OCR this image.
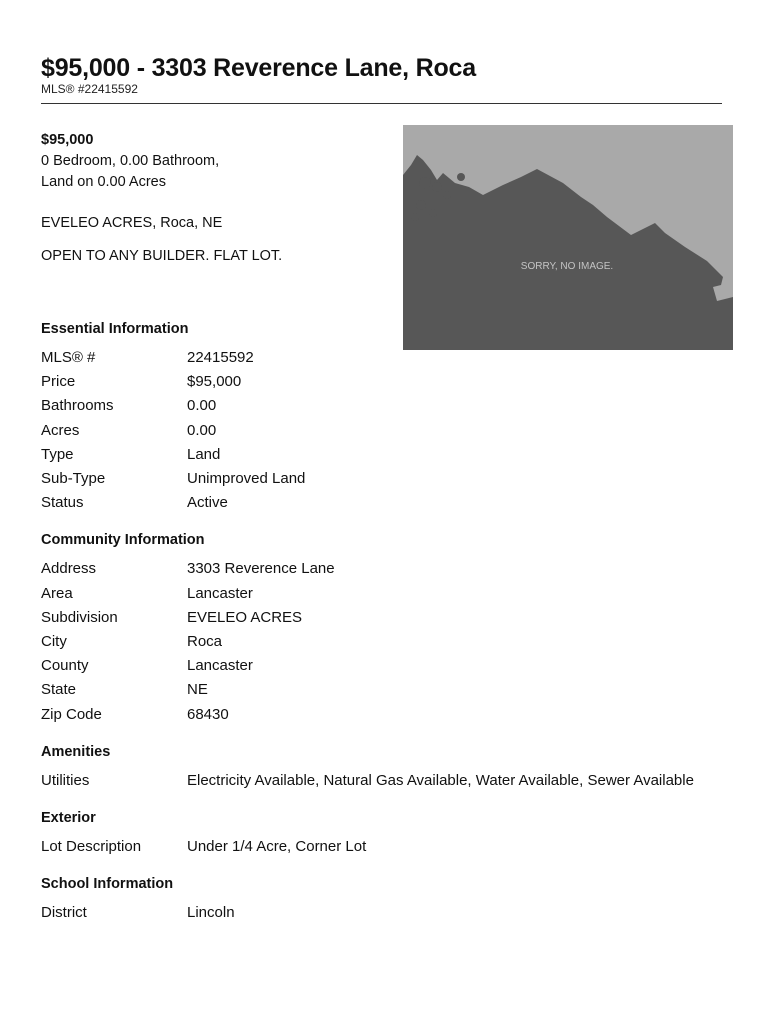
$95,000 - 3303 Reverence Lane, Roca
MLS® #22415592
$95,000
0 Bedroom, 0.00 Bathroom,
Land on 0.00 Acres
EVELEO ACRES, Roca, NE
OPEN TO ANY BUILDER. FLAT LOT.
SORRY, NO IMAGE.
Essential Information
MLS® #	22415592
Price	$95,000
Bathrooms	0.00
Acres	0.00
Type	Land
Sub-Type	Unimproved Land
Status	Active
Community Information
Address	3303 Reverence Lane
Area	Lancaster
Subdivision	EVELEO ACRES
City	Roca
County	Lancaster
State	NE
Zip Code	68430
Amenities
Utilities	Electricity Available, Natural Gas Available, Water Available, Sewer Available
Exterior
Lot Description	Under 1/4 Acre, Corner Lot
School Information
District	Lincoln
